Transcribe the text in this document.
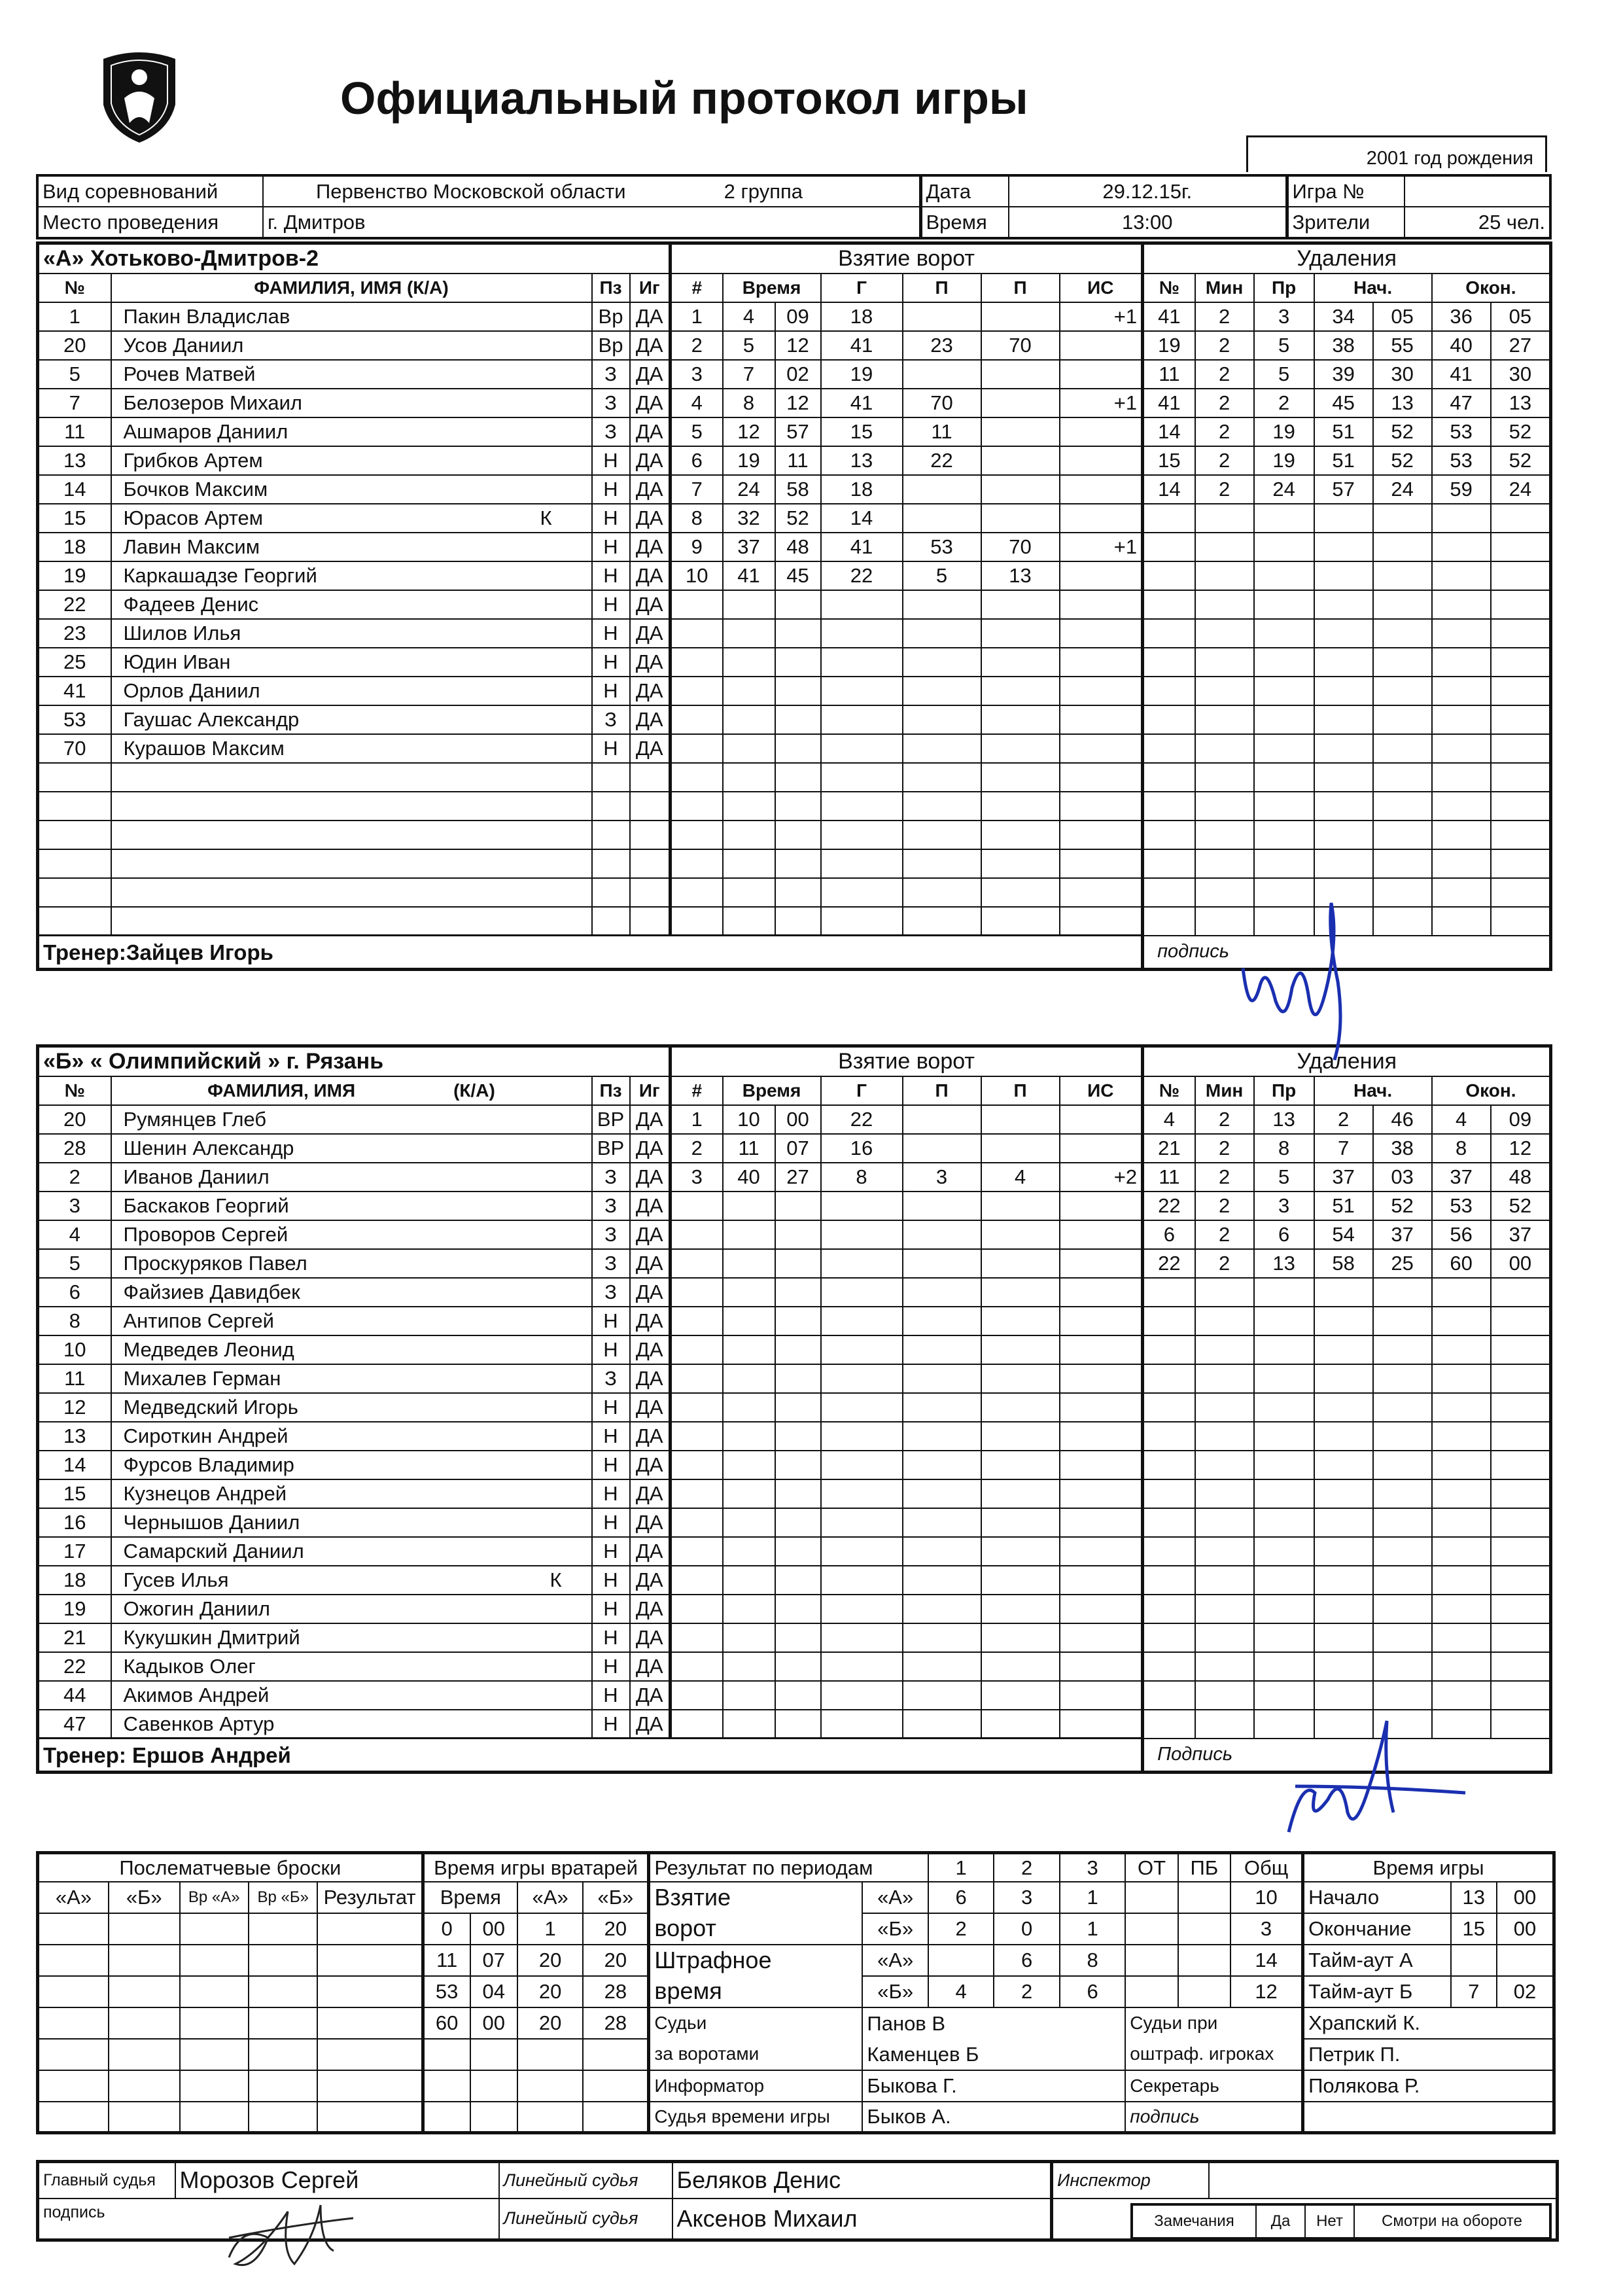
Официальный протокол игры
2001 год рождения
Вид соревнований	Первенство Московской области 2 группа	Дата	29.12.15г.	Игра №	
Место проведения	г. Дмитров	Время	13:00	Зрители	25 чел.
«А» Хотьково-Дмитров-2				Взятие ворот							Удаления						
№	ФАМИЛИЯ, ИМЯ (К/А)	Пз	Иг	#	Время		Г	П	П	ИС	№	Мин	Пр	Нач.		Окон.	
1	Пакин Владислав	Вр	ДА	1	4	09	18			+1	41	2	3	34	05	36	05
20	Усов Даниил	Вр	ДА	2	5	12	41	23	70		19	2	5	38	55	40	27
5	Рочев Матвей	З	ДА	3	7	02	19				11	2	5	39	30	41	30
7	Белозеров Михаил	З	ДА	4	8	12	41	70		+1	41	2	2	45	13	47	13
11	Ашмаров Даниил	З	ДА	5	12	57	15	11			14	2	19	51	52	53	52
13	Грибков Артем	Н	ДА	6	19	11	13	22			15	2	19	51	52	53	52
14	Бочков Максим	Н	ДА	7	24	58	18				14	2	24	57	24	59	24
15	Юрасов Артем К	Н	ДА	8	32	52	14										
18	Лавин Максим	Н	ДА	9	37	48	41	53	70	+1							
19	Каркашадзе Георгий	Н	ДА	10	41	45	22	5	13								
22	Фадеев Денис	Н	ДА														
23	Шилов Илья	Н	ДА														
25	Юдин Иван	Н	ДА														
41	Орлов Даниил	Н	ДА														
53	Гаушас Александр	З	ДА														
70	Курашов Максим	Н	ДА														

Тренер:Зайцев Игорь											подпись						
«Б» « Олимпийский » г. Рязань				Взятие ворот							Удаления						
№	ФАМИЛИЯ, ИМЯ (К/А)	Пз	Иг	#	Время		Г	П	П	ИС	№	Мин	Пр	Нач.		Окон.	
20	Румянцев Глеб	ВР	ДА	1	10	00	22				4	2	13	2	46	4	09
28	Шенин Александр	ВР	ДА	2	11	07	16				21	2	8	7	38	8	12
2	Иванов Даниил	З	ДА	3	40	27	8	3	4	+2	11	2	5	37	03	37	48
3	Баскаков Георгий	З	ДА								22	2	3	51	52	53	52
4	Проворов Сергей	З	ДА								6	2	6	54	37	56	37
5	Проскуряков Павел	З	ДА								22	2	13	58	25	60	00
6	Файзиев Давидбек	З	ДА														
8	Антипов Сергей	Н	ДА														
10	Медведев Леонид	Н	ДА														
11	Михалев Герман	З	ДА														
12	Медведский Игорь	Н	ДА														
13	Сироткин Андрей	Н	ДА														
14	Фурсов Владимир	Н	ДА														
15	Кузнецов Андрей	Н	ДА														
16	Чернышов Даниил	Н	ДА														
17	Самарский Даниил	Н	ДА														
18	Гусев Илья К	Н	ДА														
19	Ожогин Даниил	Н	ДА														
21	Кукушкин Дмитрий	Н	ДА														
22	Кадыков Олег	Н	ДА														
44	Акимов Андрей	Н	ДА														
47	Савенков Артур	Н	ДА														
Тренер: Ершов Андрей											Подпись						
Послематчевые броски					Время игры вратарей				Результат по периодам		1	2	3	ОТ	ПБ	Общ	Время игры		
«А»	«Б»	Вр «А»	Вр «Б»	Результат	Время		«А»	«Б»	Взятие	«А»	6	3	1			10	Начало	13	00
					0	00	1	20	ворот	«Б»	2	0	1			3	Окончание	15	00
					11	07	20	20	Штрафное	«А»		6	8			14	Тайм-аут А		
					53	04	20	28	время	«Б»	4	2	6			12	Тайм-аут Б	7	02
					60	00	20	28	Судьи	Панов В				Судьи при			Храпский К.		
									за воротами	Каменцев Б				оштраф. игроках			Петрик П.		
									Информатор	Быкова Г.				Секретарь			Полякова Р.		
									Судья времени игры	Быков А.				подпись					
Главный судья	Морозов Сергей	Линейный судья	Беляков Денис	Инспектор	
подпись		Линейный судья	Аксенов Михаил			Замечания	Да	Нет	Смотри на обороте
